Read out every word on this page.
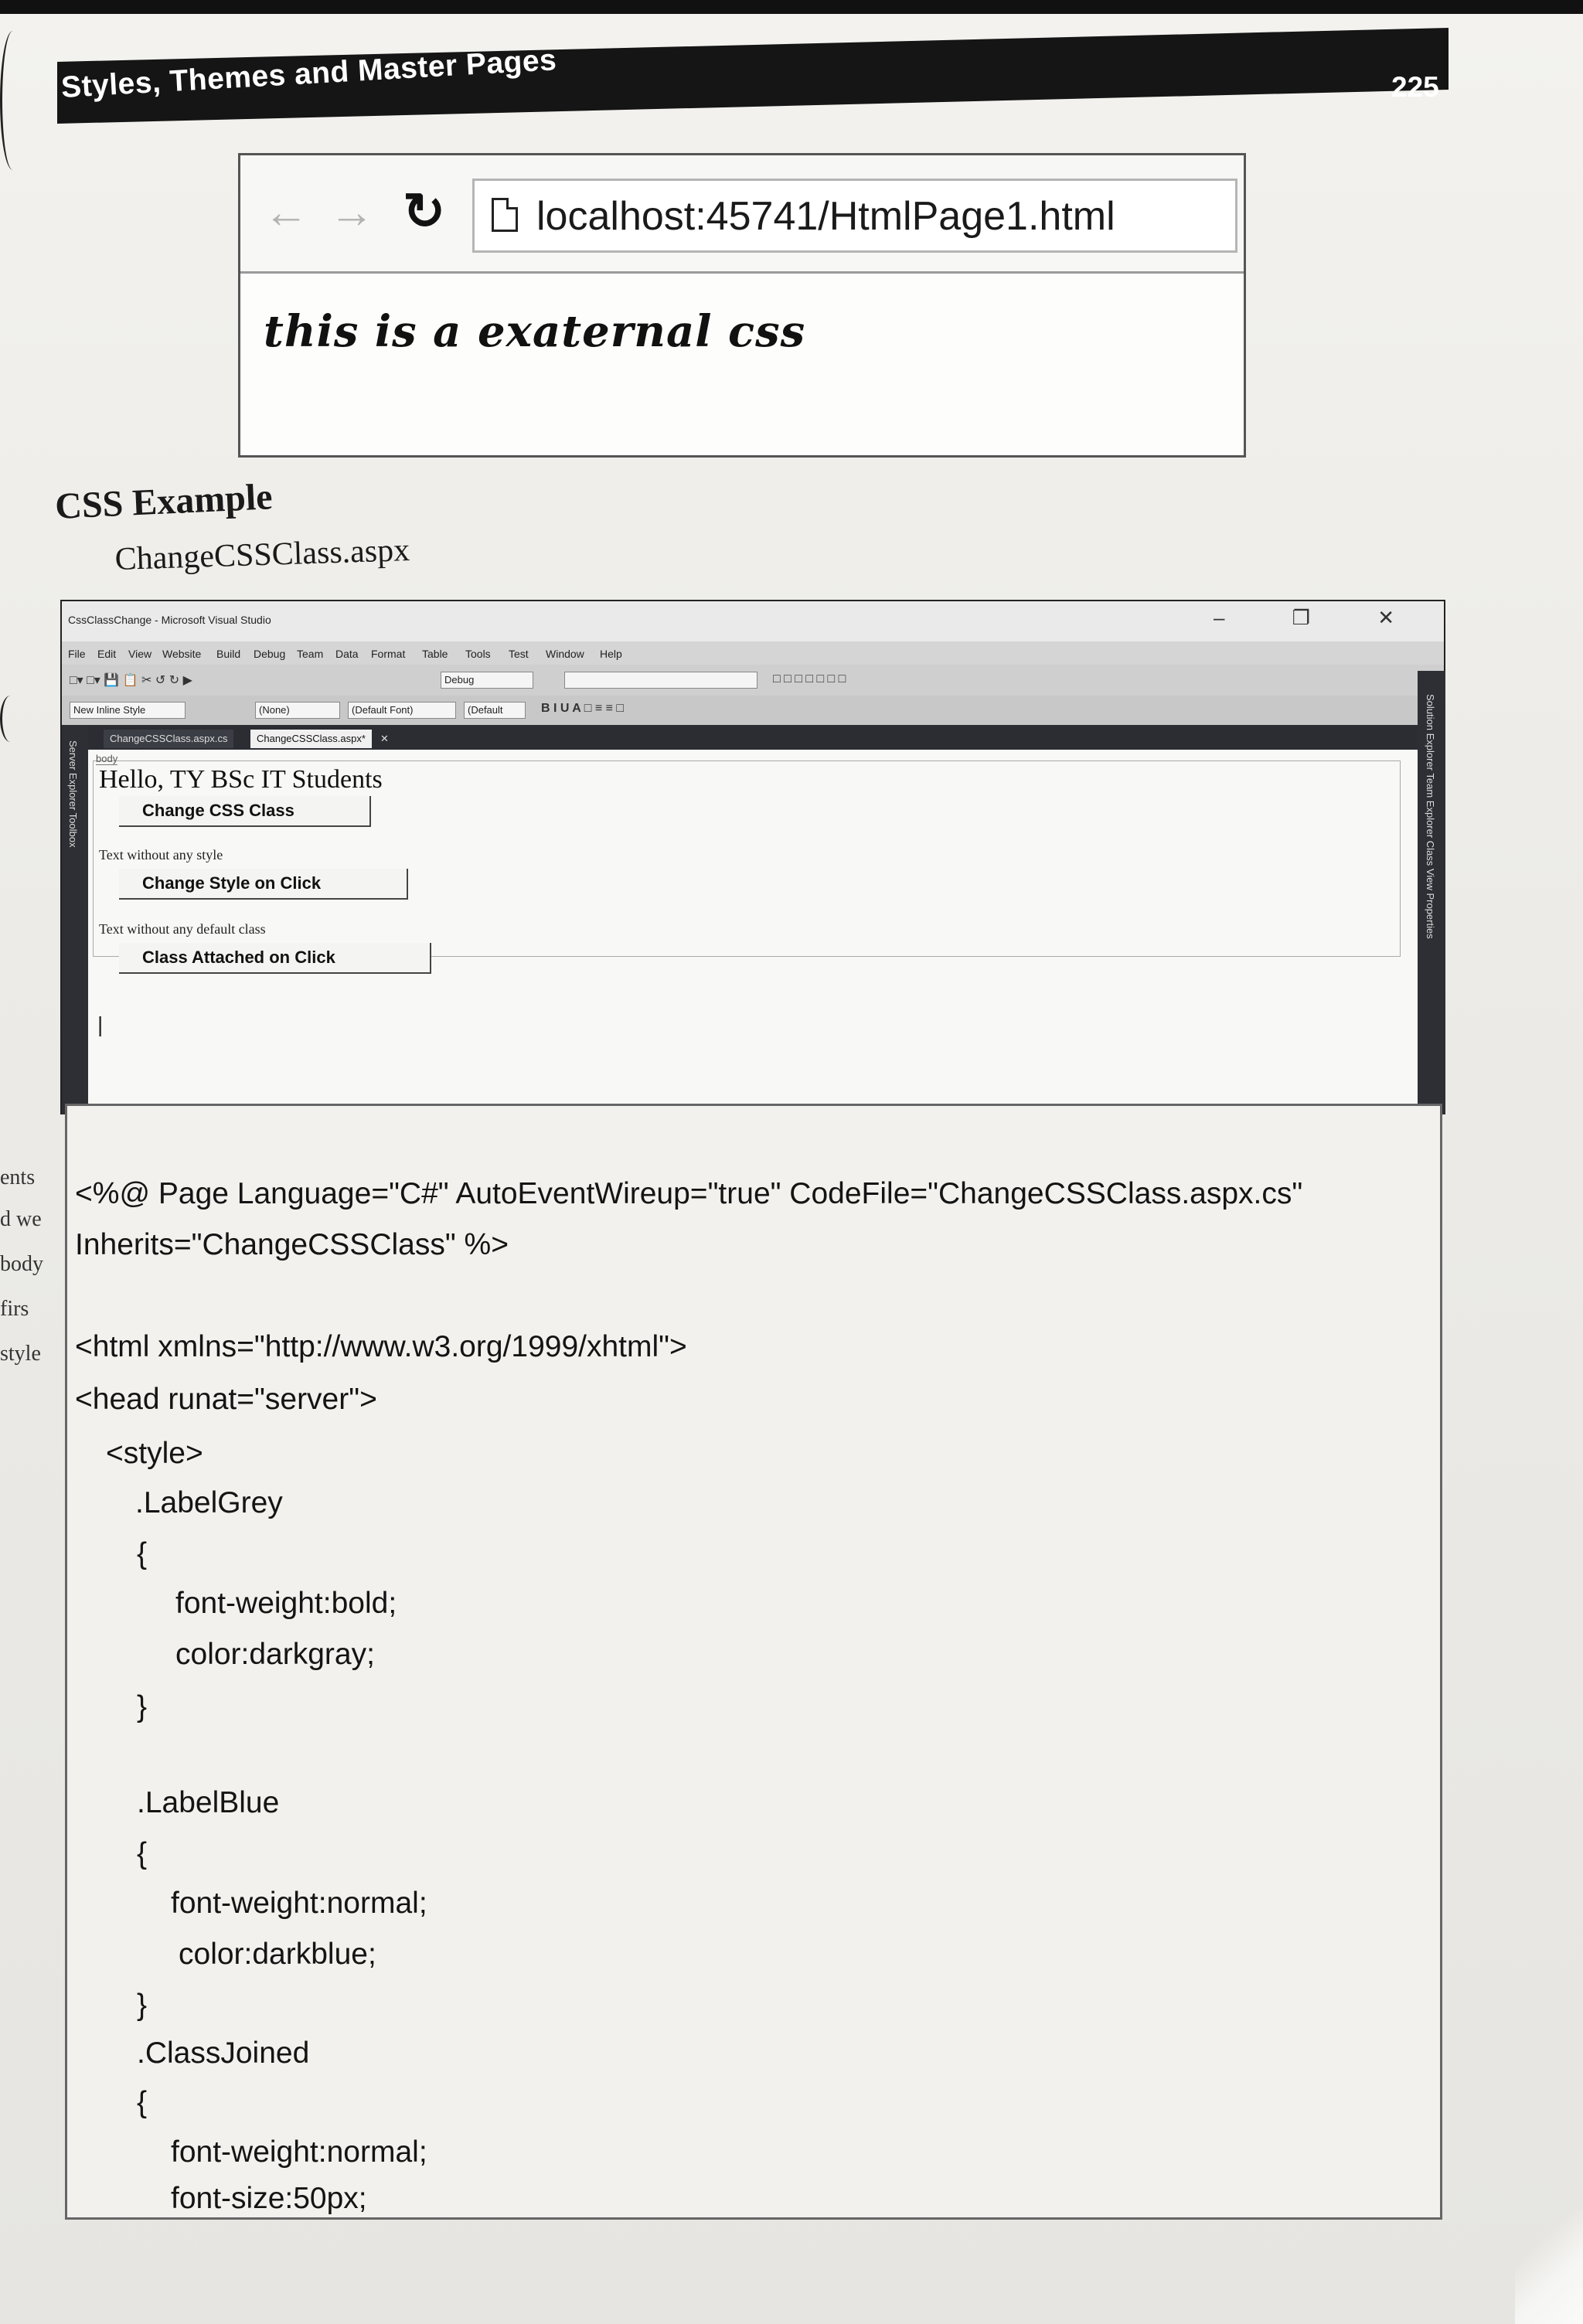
ents
d we
body
firs
style
Styles, Themes and Master Pages	225
← → ↻ localhost:45741/HtmlPage1.html
this is a exaternal css
CSS Example
ChangeCSSClass.aspx
CssClassChange - Microsoft Visual Studio	– ❐ ✕
File Edit View Website Build Debug Team Data Format Table Tools Test Window Help
□▾ □▾ 💾 📋 ✂ ↺ ↻ ▶	Debug	□ □ □ □ □ □ □
New Inline Style	(None)	(Default Font)	(Default	B I U A □ ≡ ≡ □
Server Explorer Toolbox	Solution Explorer Team Explorer Class View Properties
ChangeCSSClass.aspx.cs	ChangeCSSClass.aspx*	✕
body
Hello, TY BSc IT Students
Change CSS Class
Text without any style
Change Style on Click
Text without any default class
Class Attached on Click
|
<%@ Page Language="C#" AutoEventWireup="true" CodeFile="ChangeCSSClass.aspx.cs"
Inherits="ChangeCSSClass" %>
<html xmlns="http://www.w3.org/1999/xhtml">
<head runat="server">
<style>
.LabelGrey
{
font-weight:bold;
color:darkgray;
}
.LabelBlue
{
font-weight:normal;
color:darkblue;
}
.ClassJoined
{
font-weight:normal;
font-size:50px;
